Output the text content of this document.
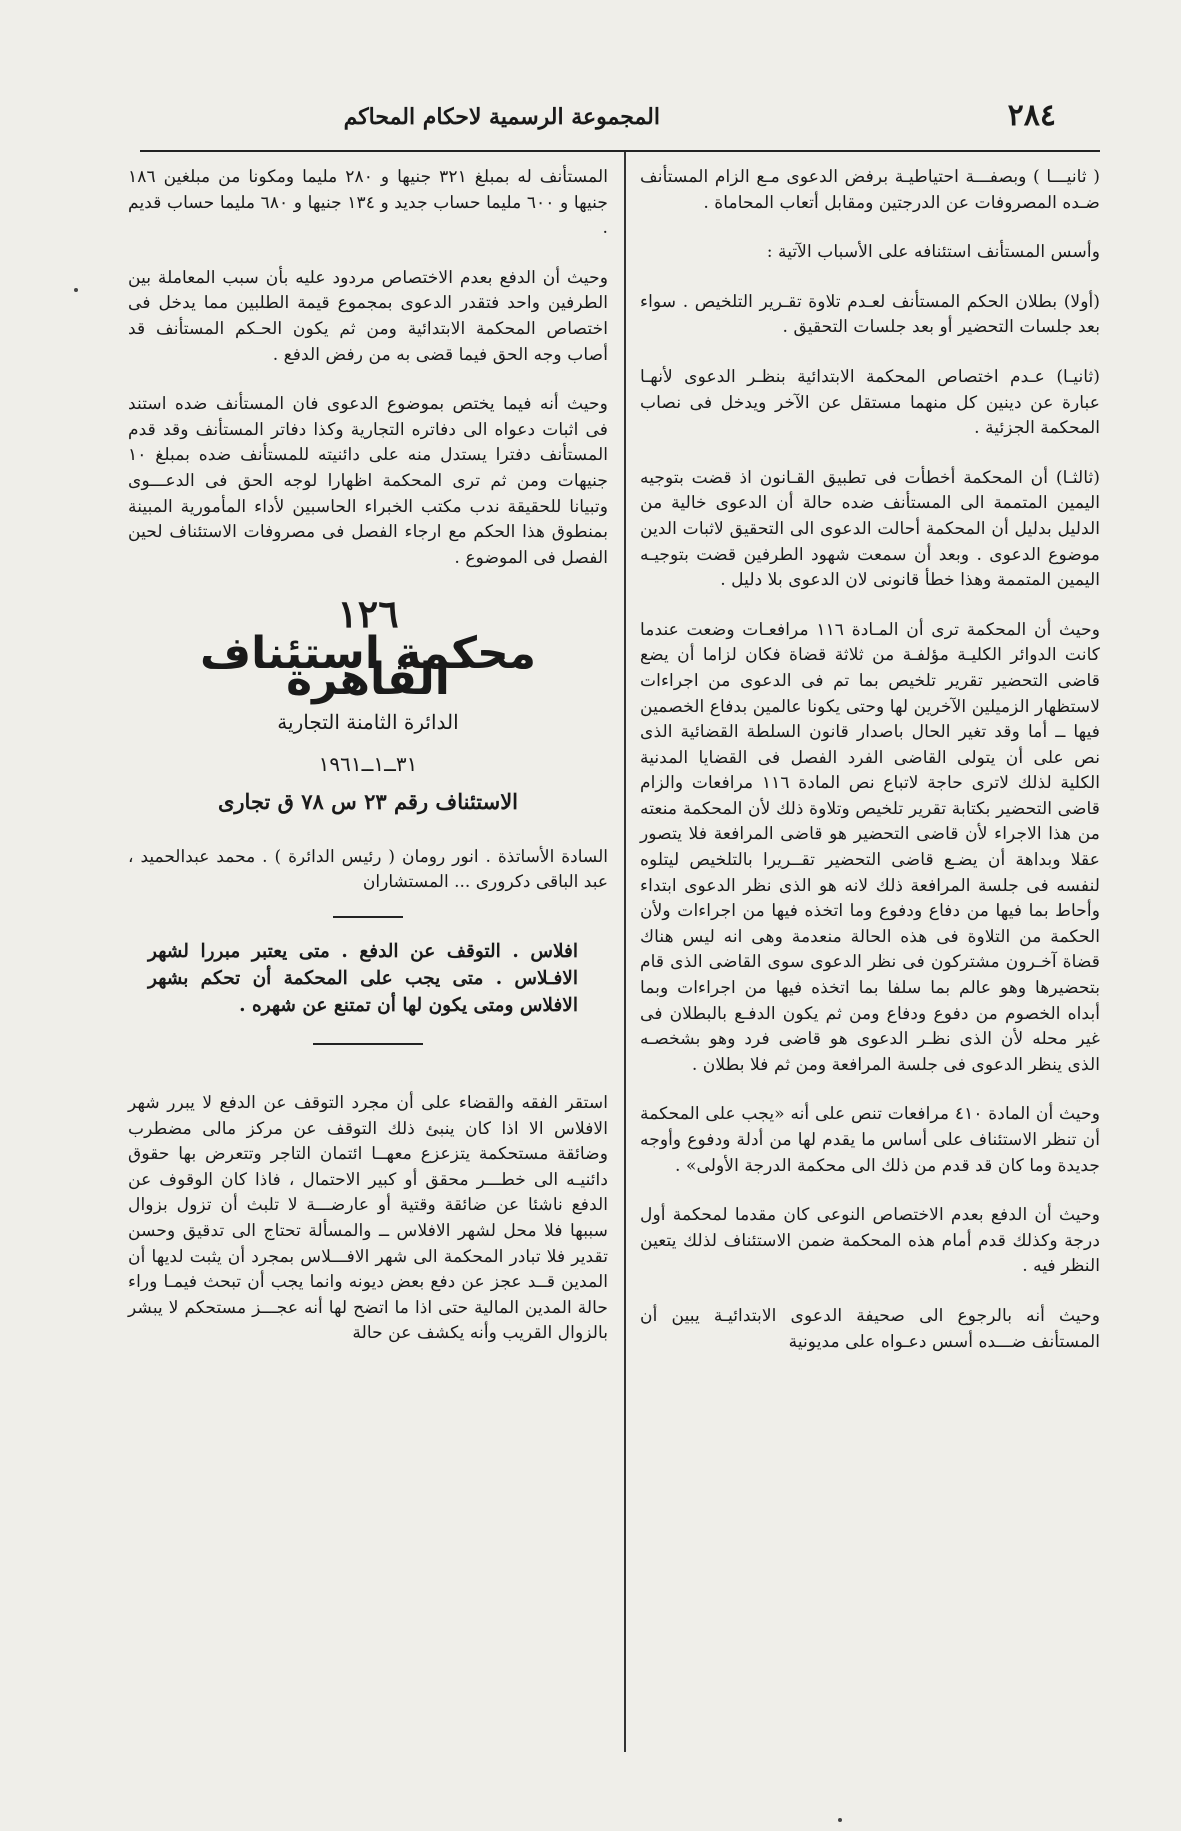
٢٨٤
المجموعة الرسمية لاحكام المحاكم

( ثانيـــا ) وبصفـــة احتياطيـة برفض الدعوى مـع الزام المستأنف ضـده المصروفات عن الدرجتين ومقابل أتعاب المحاماة .

وأسس المستأنف استئنافه على الأسباب الآتية :

(أولا) بطلان الحكم المستأنف لعـدم تلاوة تقـرير التلخيص . سواء بعد جلسات التحضير أو بعد جلسات التحقيق .

(ثانيـا) عـدم اختصاص المحكمة الابتدائية بنظـر الدعوى لأنهـا عبارة عن دينين كل منهما مستقل عن الآخر ويدخل فى نصاب المحكمة الجزئية .

(ثالثـا) أن المحكمة أخطأت فى تطبيق القـانون اذ قضت بتوجيه اليمين المتممة الى المستأنف ضده حالة أن الدعوى خالية من الدليل بدليل أن المحكمة أحالت الدعوى الى التحقيق لاثبات الدين موضوع الدعوى . وبعد أن سمعت شهود الطرفين قضت بتوجيـه اليمين المتممة وهذا خطأ قانونى لان الدعوى بلا دليل .

وحيث أن المحكمة ترى أن المـادة ١١٦ مرافعـات وضعت عندما كانت الدوائر الكليـة مؤلفـة من ثلاثة قضاة فكان لزاما أن يضع قاضى التحضير تقرير تلخيص بما تم فى الدعوى من اجراءات لاستظهار الزميلين الآخرين لها وحتى يكونا عالمين بدفاع الخصمين فيها ــ أما وقد تغير الحال باصدار قانون السلطة القضائية الذى نص على أن يتولى القاضى الفرد الفصل فى القضايا المدنية الكلية لذلك لاترى حاجة لاتباع نص المادة ١١٦ مرافعات والزام قاضى التحضير بكتابة تقرير تلخيص وتلاوة ذلك لأن المحكمة منعته من هذا الاجراء لأن قاضى التحضير هو قاضى المرافعة فلا يتصور عقلا وبداهة أن يضـع قاضى التحضير تقــريرا بالتلخيص ليتلوه لنفسه فى جلسة المرافعة ذلك لانه هو الذى نظر الدعوى ابتداء وأحاط بما فيها من دفاع ودفوع وما اتخذه فيها من اجراءات ولأن الحكمة من التلاوة فى هذه الحالة منعدمة وهى انه ليس هناك قضاة آخـرون مشتركون فى نظر الدعوى سوى القاضى الذى قام بتحضيرها وهو عالم بما سلفا بما اتخذه فيها من اجراءات وبما أبداه الخصوم من دفوع ودفاع ومن ثم يكون الدفـع بالبطلان فى غير محله لأن الذى نظـر الدعوى هو قاضى فرد وهو بشخصـه الذى ينظر الدعوى فى جلسة المرافعة ومن ثم فلا بطلان .

وحيث أن المادة ٤١٠ مرافعات تنص على أنه «يجب على المحكمة أن تنظر الاستئناف على أساس ما يقدم لها من أدلة ودفوع وأوجه جديدة وما كان قد قدم من ذلك الى محكمة الدرجة الأولى» .

وحيث أن الدفع بعدم الاختصاص النوعى كان مقدما لمحكمة أول درجة وكذلك قدم أمام هذه المحكمة ضمن الاستئناف لذلك يتعين النظر فيه .

وحيث أنه بالرجوع الى صحيفة الدعوى الابتدائيـة يبين أن المستأنف ضـــده أسس دعـواه على مديونية

المستأنف له بمبلغ ٣٢١ جنيها و ٢٨٠ مليما ومكونا من مبلغين ١٨٦ جنيها و ٦٠٠ مليما حساب جديد و ١٣٤ جنيها و ٦٨٠ مليما حساب قديم .

وحيث أن الدفع بعدم الاختصاص مردود عليه بأن سبب المعاملة بين الطرفين واحد فتقدر الدعوى بمجموع قيمة الطلبين مما يدخل فى اختصاص المحكمة الابتدائية ومن ثم يكون الحـكم المستأنف قد أصاب وجه الحق فيما قضى به من رفض الدفع .

وحيث أنه فيما يختص بموضوع الدعوى فان المستأنف ضده استند فى اثبات دعواه الى دفاتره التجارية وكذا دفاتر المستأنف وقد قدم المستأنف دفترا يستدل منه على دائنيته للمستأنف ضده بمبلغ ١٠ جنيهات ومن ثم ترى المحكمة اظهارا لوجه الحق فى الدعـــوى وتبيانا للحقيقة ندب مكتب الخبراء الحاسبين لأداء المأمورية المبينة بمنطوق هذا الحكم مع ارجاء الفصل فى مصروفات الاستئناف لحين الفصل فى الموضوع .

١٢٦
محكمة استئناف القاهرة
الدائرة الثامنة التجارية
٣١ــ١ــ١٩٦١
الاستئناف رقم ٢٣ س ٧٨ ق تجارى

السادة الأساتذة . انور رومان ( رئيس الدائرة ) . محمد عبدالحميد ، عبد الباقى دكرورى ... المستشاران

افلاس . التوقف عن الدفع . متى يعتبر مبررا لشهر الافـلاس . متى يجب على المحكمة أن تحكم بشهر الافلاس ومتى يكون لها أن تمتنع عن شهره .

استقر الفقه والقضاء على أن مجرد التوقف عن الدفع لا يبرر شهر الافلاس الا اذا كان ينبئ ذلك التوقف عن مركز مالى مضطرب وضائقة مستحكمة يتزعزع معهــا ائتمان التاجر وتتعرض بها حقوق دائنيـه الى خطـــر محقق أو كبير الاحتمال ، فاذا كان الوقوف عن الدفع ناشئا عن ضائقة وقتية أو عارضـــة لا تلبث أن تزول بزوال سببها فلا محل لشهر الافلاس ــ والمسألة تحتاج الى تدقيق وحسن تقدير فلا تبادر المحكمة الى شهر الافـــلاس بمجرد أن يثبت لديها أن المدين قــد عجز عن دفع بعض ديونه وانما يجب أن تبحث فيمـا وراء حالة المدين المالية حتى اذا ما اتضح لها أنه عجـــز مستحكم لا يبشر بالزوال القريب وأنه يكشف عن حالة
